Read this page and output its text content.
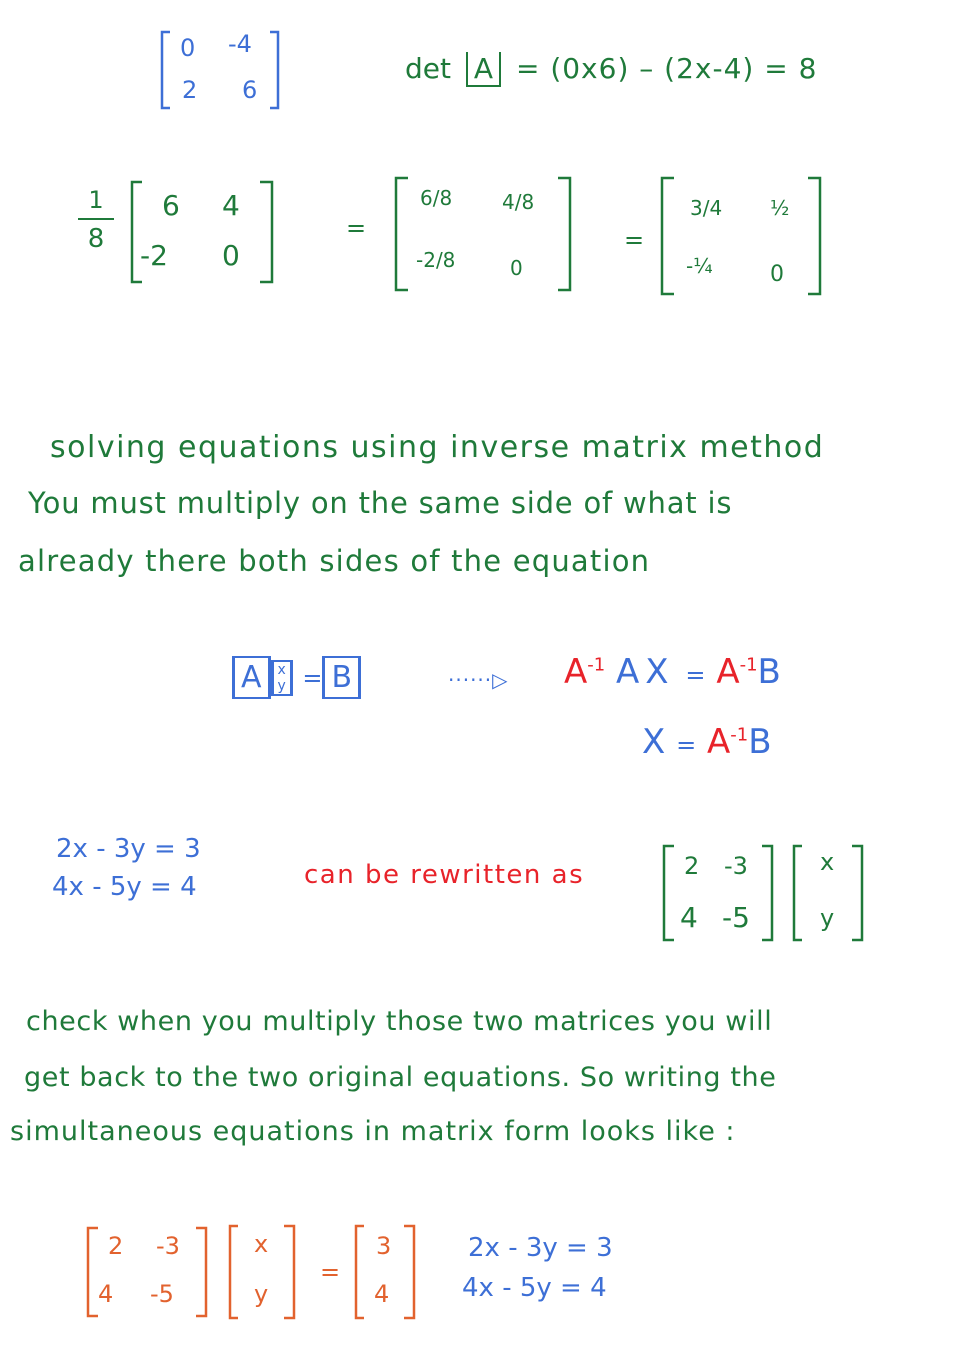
0 -4
2 6
det A = (0x6) – (2x-4) = 8
1
8
6 4
-2 0
=
6/8 4/8
-2/8	0
=
3/4 ½
-¼	0
solving equations using inverse matrix method
You must multiply on the same side of what is
already there both sides of the equation
A x
y = B	······▷ $A^{-1}$ AX = $A^{-1}B$
$X = A^{-1}B$
2x - 3y = 3
4x - 5y = 4	can be rewritten as	2 -3
4 -5
x
y
check when you multiply those two matrices you will
get back to the two original equations. So writing the
simultaneous equations in matrix form looks like :
2 -3
4 -5
x
y
=
3
4
2x - 3y = 3
4x - 5y = 4
